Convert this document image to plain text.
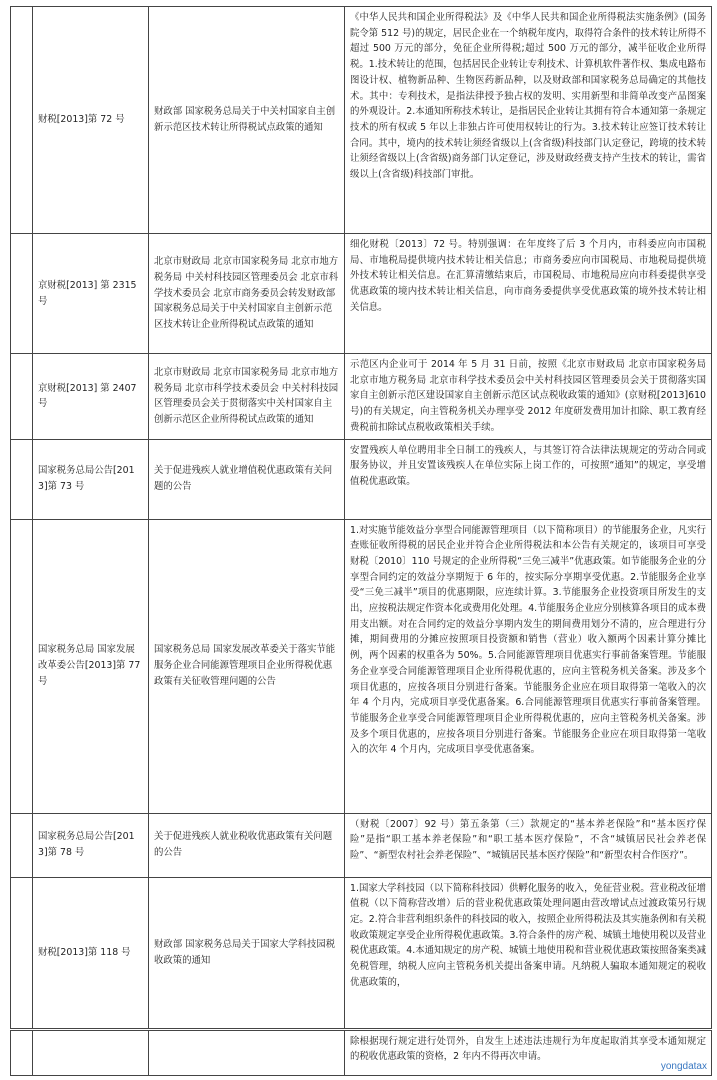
	财税[2013]第 72 号	财政部 国家税务总局关于中关村国家自主创新示范区技术转让所得税试点政策的通知	《中华人民共和国企业所得税法》及《中华人民共和国企业所得税法实施条例》(国务院令第 512 号)的规定，居民企业在一个纳税年度内，取得符合条件的技术转让所得不超过 500 万元的部分，免征企业所得税;超过 500 万元的部分，减半征收企业所得税。1.技术转让的范围，包括居民企业转让专利技术、计算机软件著作权、集成电路布图设计权、植物新品种、生物医药新品种，以及财政部和国家税务总局确定的其他技术。其中：专利技术，是指法律授予独占权的发明、实用新型和非简单改变产品图案的外观设计。2.本通知所称技术转让，是指居民企业转让其拥有符合本通知第一条规定技术的所有权或 5 年以上非独占许可使用权转让的行为。3.技术转让应签订技术转让合同。其中，境内的技术转让须经省级以上(含省级)科技部门认定登记，跨境的技术转让须经省级以上(含省级)商务部门认定登记，涉及财政经费支持产生技术的转让，需省级以上(含省级)科技部门审批。
	京财税[2013] 第 2315 号	北京市财政局 北京市国家税务局 北京市地方税务局 中关村科技园区管理委员会 北京市科学技术委员会 北京市商务委员会转发财政部国家税务总局关于中关村国家自主创新示范区技术转让企业所得税试点政策的通知	细化财税〔2013〕72 号。特别强调：在年度终了后 3 个月内，市科委应向市国税局、市地税局提供境内技术转让相关信息；市商务委应向市国税局、市地税局提供境外技术转让相关信息。在汇算清缴结束后，市国税局、市地税局应向市科委提供享受优惠政策的境内技术转让相关信息，向市商务委提供享受优惠政策的境外技术转让相关信息。
	京财税[2013] 第 2407 号	北京市财政局 北京市国家税务局 北京市地方税务局 北京市科学技术委员会 中关村科技园区管理委员会关于贯彻落实中关村国家自主创新示范区企业所得税试点政策的通知	示范区内企业可于 2014 年 5 月 31 日前，按照《北京市财政局 北京市国家税务局 北京市地方税务局 北京市科学技术委员会中关村科技园区管理委员会关于贯彻落实国家自主创新示范区建设国家自主创新示范区试点税收政策的通知》(京财税[2013]610 号)的有关规定，向主管税务机关办理享受 2012 年度研发费用加计扣除、职工教育经费税前扣除试点税收政策相关手续。
	国家税务总局公告[2013]第 73 号	关于促进残疾人就业增值税优惠政策有关问题的公告	安置残疾人单位聘用非全日制工的残疾人，与其签订符合法律法规规定的劳动合同或服务协议，并且安置该残疾人在单位实际上岗工作的，可按照“通知”的规定，享受增值税优惠政策。
	国家税务总局 国家发展改革委公告[2013]第 77 号	国家税务总局 国家发展改革委关于落实节能服务企业合同能源管理项目企业所得税优惠政策有关征收管理问题的公告	1.对实施节能效益分享型合同能源管理项目（以下简称项目）的节能服务企业，凡实行查账征收所得税的居民企业并符合企业所得税法和本公告有关规定的，该项目可享受财税〔2010〕110 号规定的企业所得税“三免三减半”优惠政策。如节能服务企业的分享型合同约定的效益分享期短于 6 年的，按实际分享期享受优惠。2.节能服务企业享受“三免三减半”项目的优惠期限，应连续计算。3.节能服务企业投资项目所发生的支出，应按税法规定作资本化或费用化处理。4.节能服务企业应分别核算各项目的成本费用支出额。对在合同约定的效益分享期内发生的期间费用划分不清的，应合理进行分摊，期间费用的分摊应按照项目投资额和销售（营业）收入额两个因素计算分摊比例，两个因素的权重各为 50%。5.合同能源管理项目优惠实行事前备案管理。节能服务企业享受合同能源管理项目企业所得税优惠的，应向主管税务机关备案。涉及多个项目优惠的，应按各项目分别进行备案。节能服务企业应在项目取得第一笔收入的次年 4 个月内，完成项目享受优惠备案。6.合同能源管理项目优惠实行事前备案管理。节能服务企业享受合同能源管理项目企业所得税优惠的，应向主管税务机关备案。涉及多个项目优惠的，应按各项目分别进行备案。节能服务企业应在项目取得第一笔收入的次年 4 个月内，完成项目享受优惠备案。
	国家税务总局公告[2013]第 78 号	关于促进残疾人就业税收优惠政策有关问题的公告	（财税〔2007〕92 号）第五条第（三）款规定的“基本养老保险”和“基本医疗保险”是指“职工基本养老保险”和“职工基本医疗保险”，不含“城镇居民社会养老保险”、“新型农村社会养老保险”、“城镇居民基本医疗保险”和“新型农村合作医疗”。
	财税[2013]第 118 号	财政部 国家税务总局关于国家大学科技园税收政策的通知	1.国家大学科技园（以下简称科技园）供孵化服务的收入，免征营业税。营业税改征增值税（以下简称营改增）后的营业税优惠政策处理问题由营改增试点过渡政策另行规定。2.符合非营利组织条件的科技园的收入，按照企业所得税法及其实施条例和有关税收政策规定享受企业所得税优惠政策。3.符合条件的房产税、城镇土地使用税以及营业税优惠政策。4.本通知规定的房产税、城镇土地使用税和营业税优惠政策按照备案类减免税管理，纳税人应向主管税务机关提出备案申请。凡纳税人骗取本通知规定的税收优惠政策的，
			除根据现行规定进行处罚外，自发生上述违法违规行为年度起取消其享受本通知规定的税收优惠政策的资格，2 年内不得再次申请。
yongdatax
